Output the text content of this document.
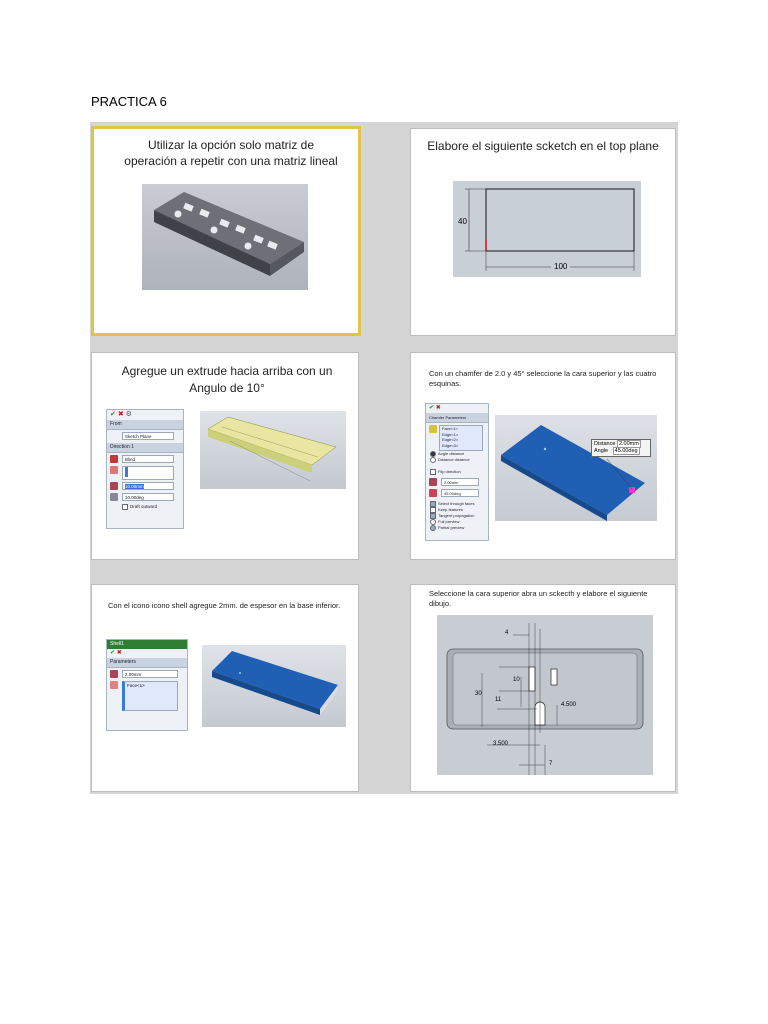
PRACTICA 6
Utilizar la opción solo matriz de operación a repetir con una matriz lineal
Elabore el siguiente scketch en el top plane
40
100
Agregue un extrude hacia arriba con un Angulo de 10°
✔ ✖ ⚙
From
Sketch Plane
Direction 1
Blind
10.00mm
10.00deg
Draft outward
Con un chamfer de 2.0 y 45° seleccione la cara superior y las cuatro esquinas.
✔ ✖
Chamfer Parameters
Face<1>
Edge<1>
Edge<2>
Edge<3>
Angle distance
Distance distance
Flip direction
2.00mm
45.00deg
Select through faces
Keep features
Tangent propagation
Full preview
Partial preview
Distance 2.00mm
Angle 45.00deg
Con el icono icono shell agregue 2mm. de espesor en la base inferior.
Shell1
✔ ✖
Parameters
2.00mm
Face<1>
Seleccione la cara superior abra un sckecth y elabore el siguiente dibujo.
4
10
30
11
4.500
3.500
7
